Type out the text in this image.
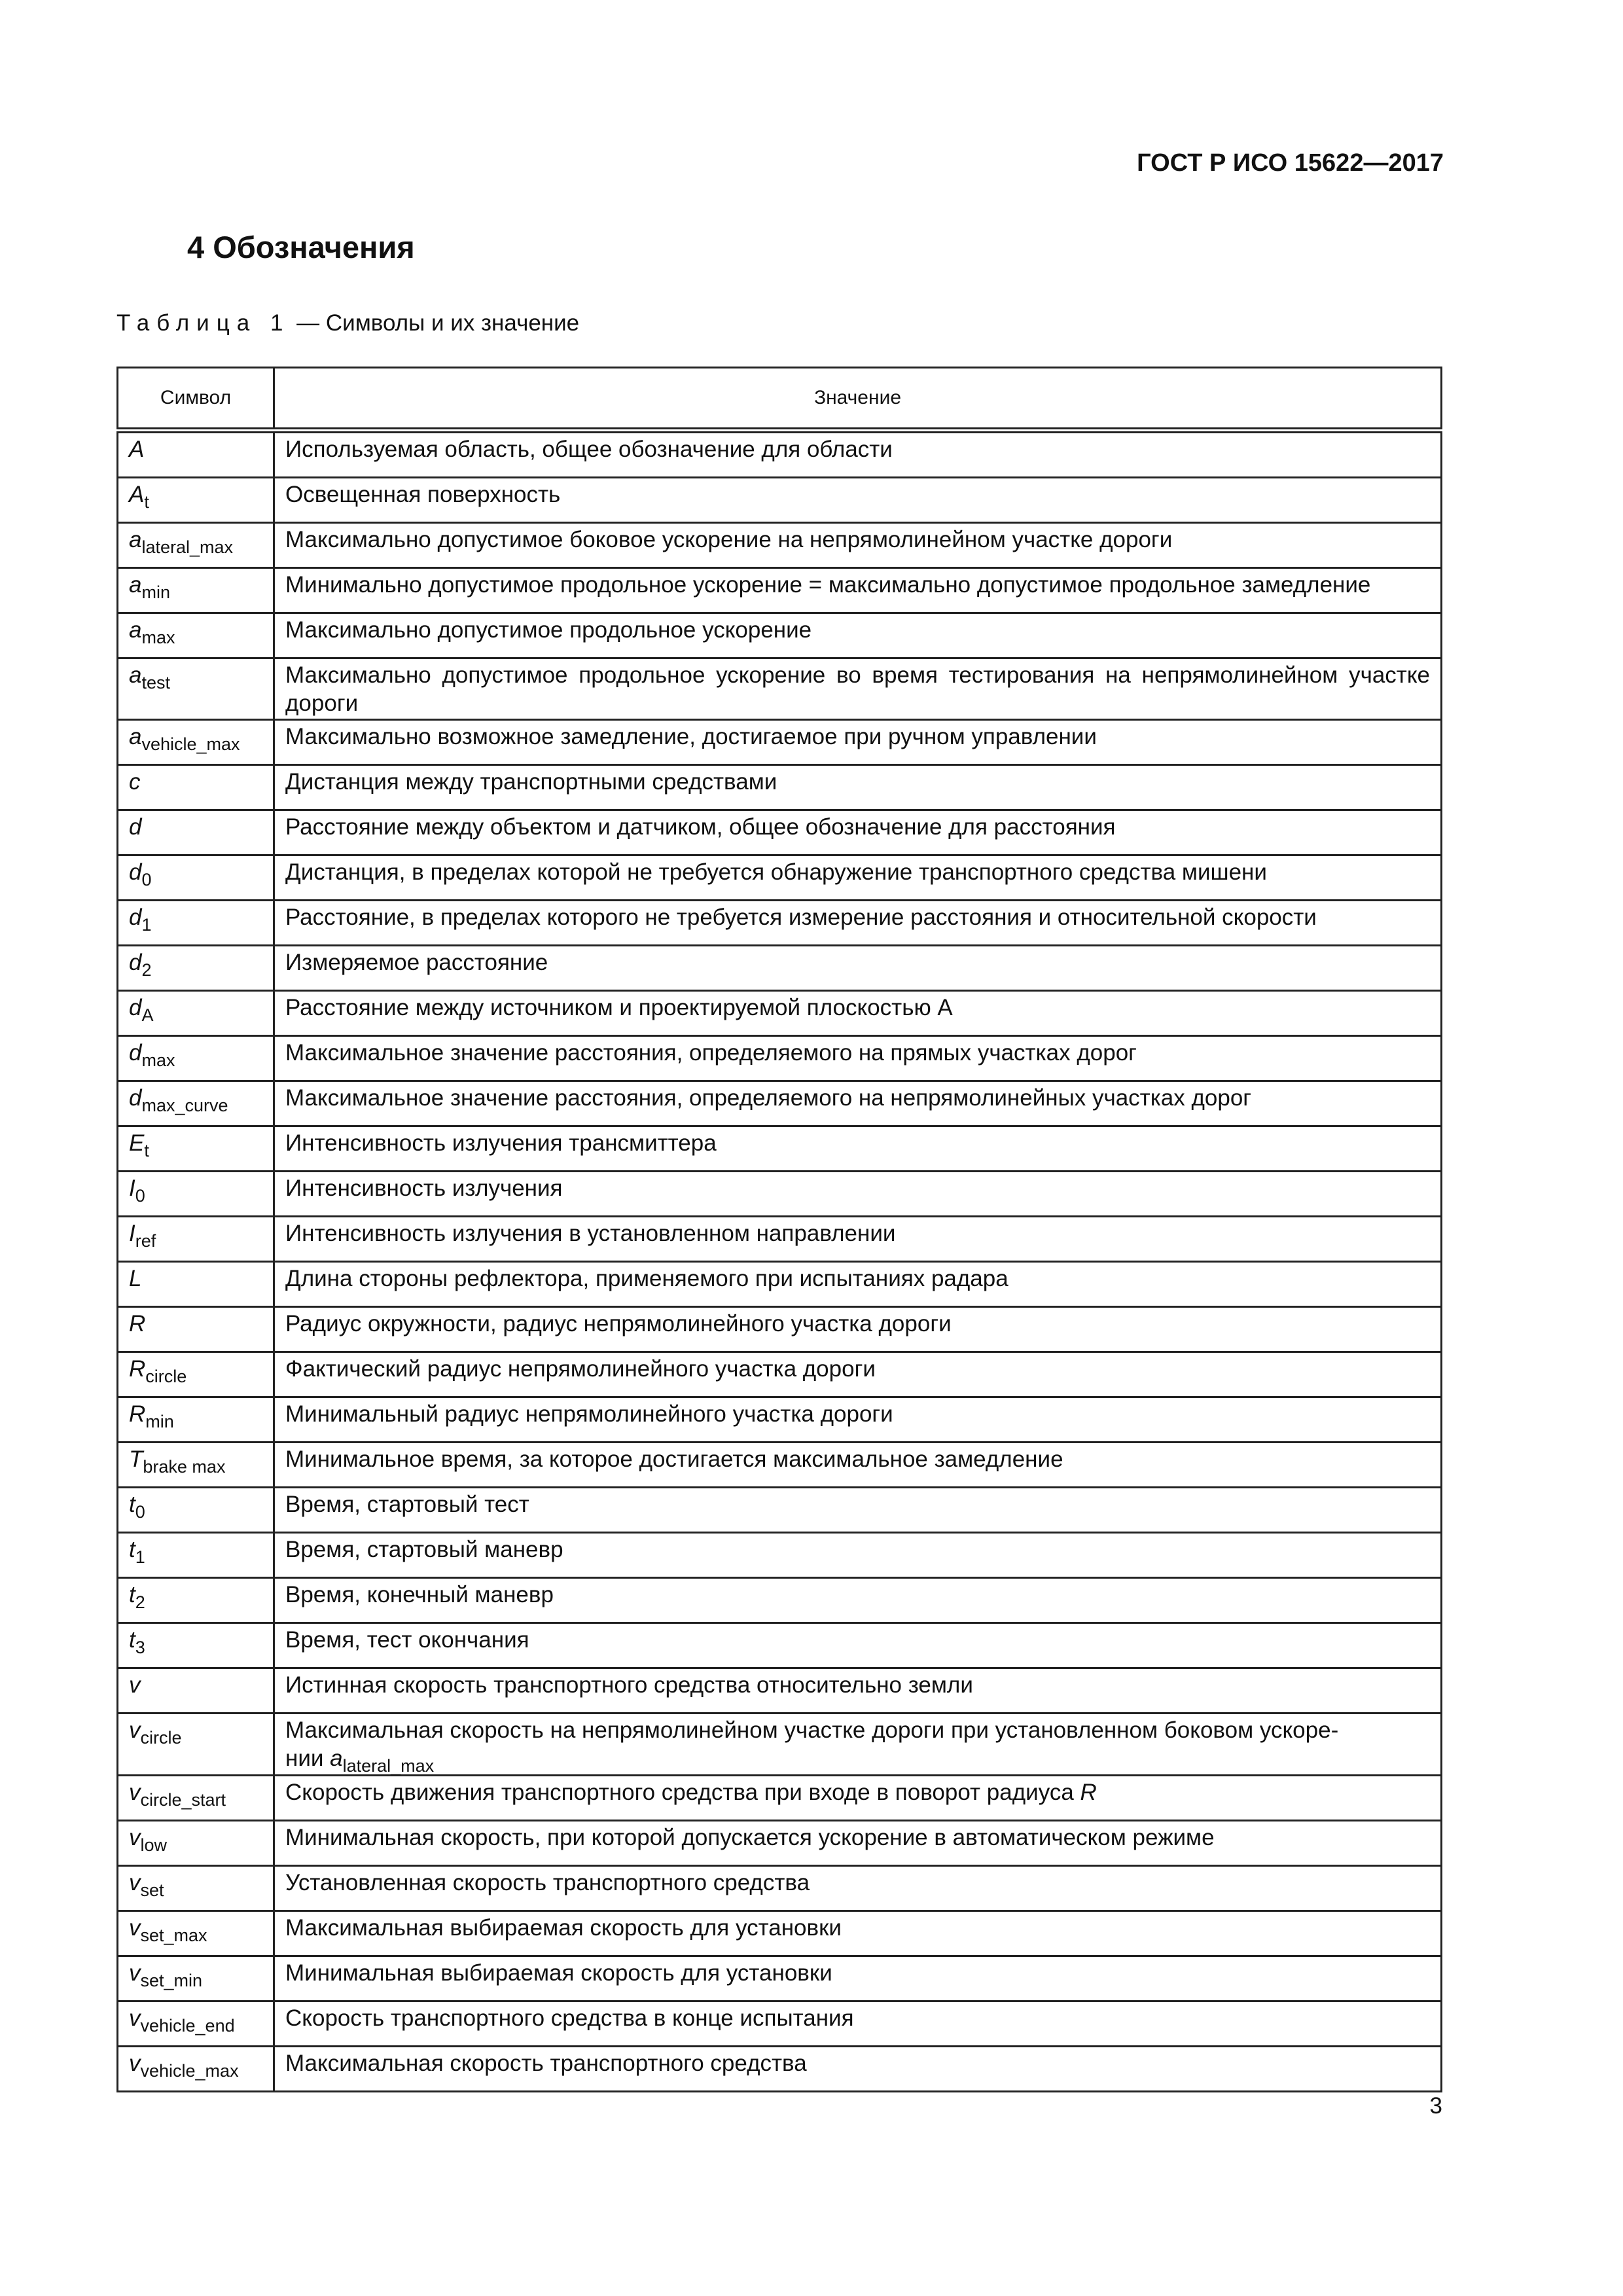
ГОСТ Р ИСО 15622—2017
4 Обозначения
Таблица 1 — Символы и их значение
Символ	Значение
A	Используемая область, общее обозначение для области
$A_t$	Освещенная поверхность
$a_{lateral\_max}$	Максимально допустимое боковое ускорение на непрямолинейном участке дороги
$a_{min}$	Минимально допустимое продольное ускорение = максимально допустимое продольное замедление
$a_{max}$	Максимально допустимое продольное ускорение
$a_{test}$	Максимально допустимое продольное ускорение во время тестирования на непрямолинейном участке дороги
$a_{vehicle\_max}$	Максимально возможное замедление, достигаемое при ручном управлении
c	Дистанция между транспортными средствами
d	Расстояние между объектом и датчиком, общее обозначение для расстояния
$d_0$	Дистанция, в пределах которой не требуется обнаружение транспортного средства мишени
$d_1$	Расстояние, в пределах которого не требуется измерение расстояния и относительной скорости
$d_2$	Измеряемое расстояние
$d_A$	Расстояние между источником и проектируемой плоскостью A
$d_{max}$	Максимальное значение расстояния, определяемого на прямых участках дорог
$d_{max\_curve}$	Максимальное значение расстояния, определяемого на непрямолинейных участках дорог
$E_t$	Интенсивность излучения трансмиттера
$I_0$	Интенсивность излучения
$I_{ref}$	Интенсивность излучения в установленном направлении
L	Длина стороны рефлектора, применяемого при испытаниях радара
R	Радиус окружности, радиус непрямолинейного участка дороги
$R_{circle}$	Фактический радиус непрямолинейного участка дороги
$R_{min}$	Минимальный радиус непрямолинейного участка дороги
$T_{brake max}$	Минимальное время, за которое достигается максимальное замедление
$t_0$	Время, стартовый тест
$t_1$	Время, стартовый маневр
$t_2$	Время, конечный маневр
$t_3$	Время, тест окончания
v	Истинная скорость транспортного средства относительно земли
$v_{circle}$	Максимальная скорость на непрямолинейном участке дороги при установленном боковом ускоре-
нии $a_{lateral\_max}$
$v_{circle\_start}$	Скорость движения транспортного средства при входе в поворот радиуса R
$v_{low}$	Минимальная скорость, при которой допускается ускорение в автоматическом режиме
$v_{set}$	Установленная скорость транспортного средства
$v_{set\_max}$	Максимальная выбираемая скорость для установки
$v_{set\_min}$	Минимальная выбираемая скорость для установки
$v_{vehicle\_end}$	Скорость транспортного средства в конце испытания
$v_{vehicle\_max}$	Максимальная скорость транспортного средства
3
